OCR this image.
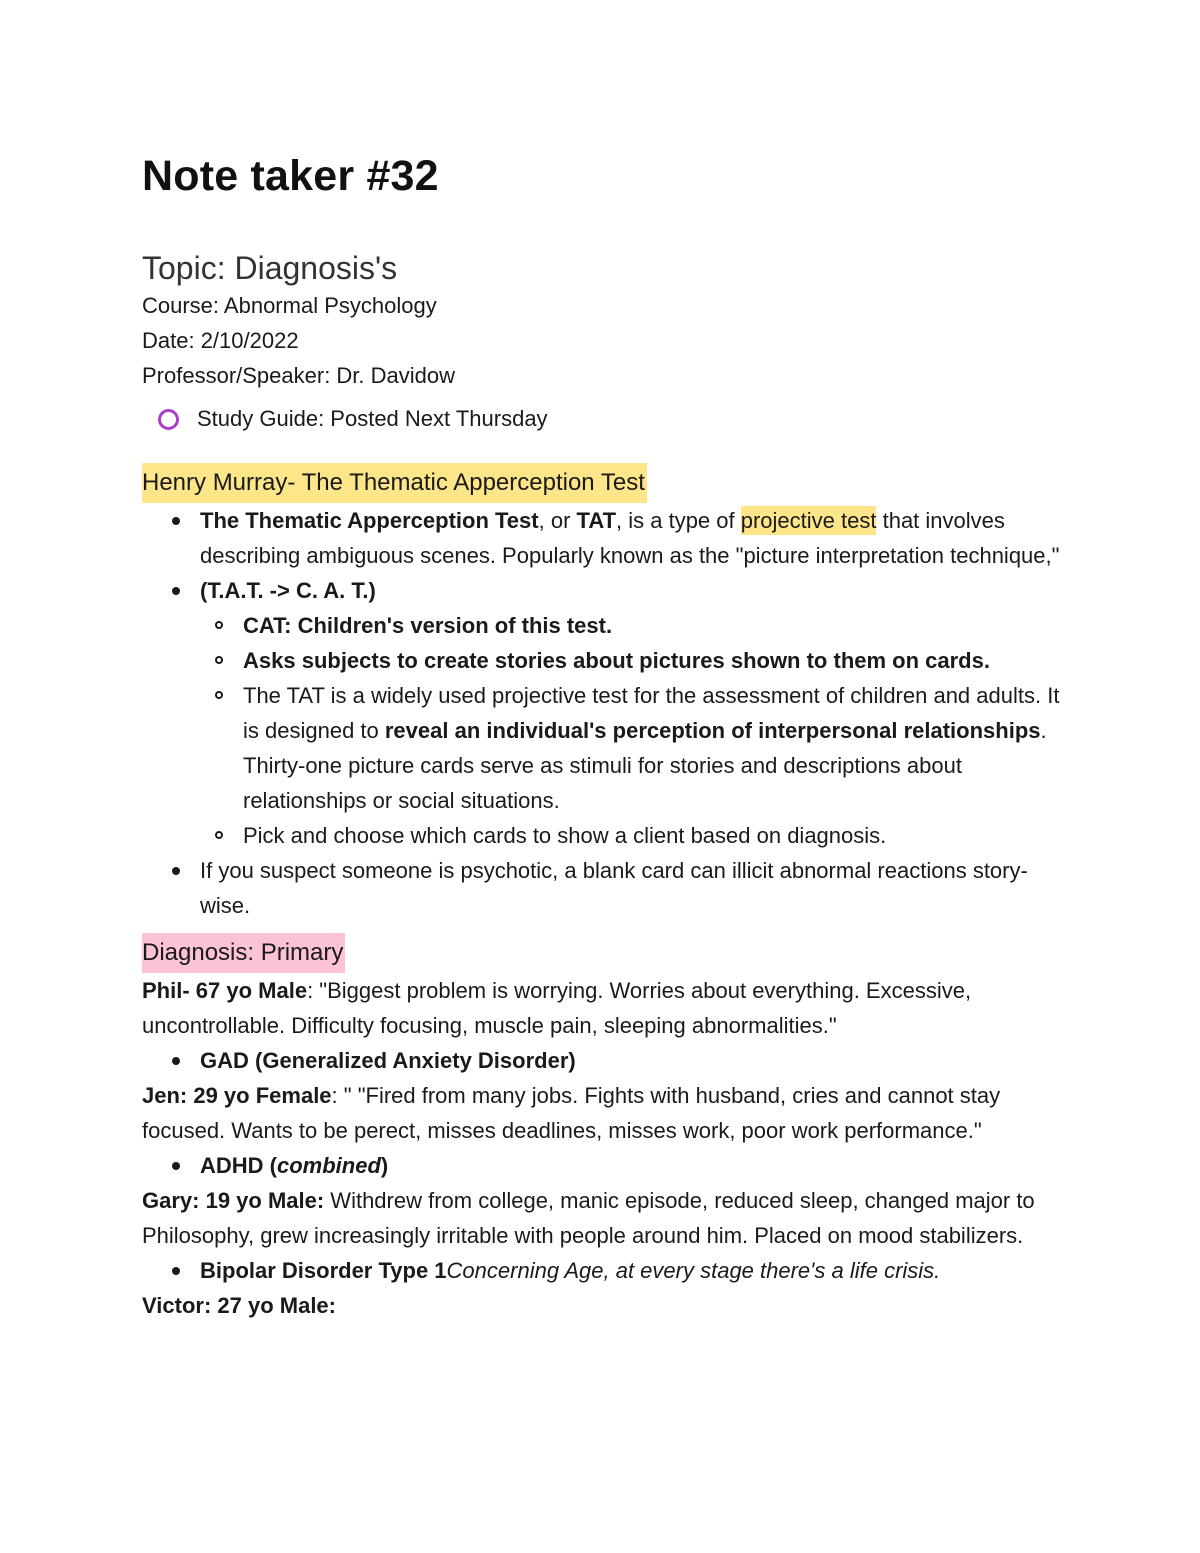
Note taker #32
Topic: Diagnosis's
Course: Abnormal Psychology
Date: 2/10/2022
Professor/Speaker: Dr. Davidow
Study Guide: Posted Next Thursday
Henry Murray- The Thematic Apperception Test
The Thematic Apperception Test, or TAT, is a type of projective test that involves describing ambiguous scenes. Popularly known as the "picture interpretation technique,"
(T.A.T. -> C. A. T.)
CAT: Children's version of this test.
Asks subjects to create stories about pictures shown to them on cards.
The TAT is a widely used projective test for the assessment of children and adults. It is designed to reveal an individual's perception of interpersonal relationships. Thirty-one picture cards serve as stimuli for stories and descriptions about relationships or social situations.
Pick and choose which cards to show a client based on diagnosis.
If you suspect someone is psychotic, a blank card can illicit abnormal reactions story-wise.
Diagnosis: Primary
Phil- 67 yo Male: "Biggest problem is worrying. Worries about everything. Excessive, uncontrollable. Difficulty focusing, muscle pain, sleeping abnormalities."
GAD (Generalized Anxiety Disorder)
Jen: 29 yo Female: " "Fired from many jobs. Fights with husband, cries and cannot stay focused. Wants to be perect, misses deadlines, misses work, poor work performance."
ADHD (combined)
Gary: 19 yo Male: Withdrew from college, manic episode, reduced sleep, changed major to Philosophy, grew increasingly irritable with people around him. Placed on mood stabilizers.
Bipolar Disorder Type 1Concerning Age, at every stage there's a life crisis.
Victor: 27 yo Male:
